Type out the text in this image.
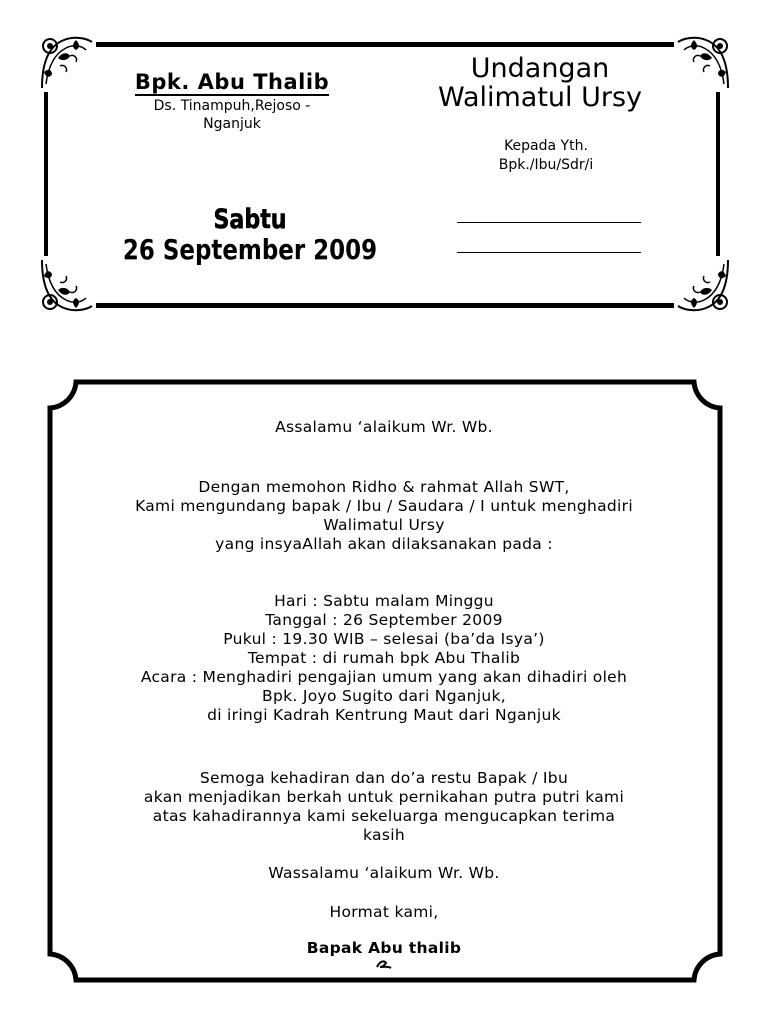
Bpk. Abu Thalib
Ds. Tinampuh,Rejoso -
Nganjuk
Sabtu
26 September 2009
Undangan
Walimatul Ursy
Kepada Yth.
Bpk./Ibu/Sdr/i
Assalamu ‘alaikum Wr. Wb.
Dengan memohon Ridho & rahmat Allah SWT,
Kami mengundang bapak / Ibu / Saudara / I untuk menghadiri
Walimatul Ursy
yang insyaAllah akan dilaksanakan pada :
Hari : Sabtu malam Minggu
Tanggal : 26 September 2009
Pukul : 19.30 WIB – selesai (ba’da Isya’)
Tempat : di rumah bpk Abu Thalib
Acara : Menghadiri pengajian umum yang akan dihadiri oleh
Bpk. Joyo Sugito dari Nganjuk,
di iringi Kadrah Kentrung Maut dari Nganjuk
Semoga kehadiran dan do’a restu Bapak / Ibu
akan menjadikan berkah untuk pernikahan putra putri kami
atas kahadirannya kami sekeluarga mengucapkan terima
kasih
Wassalamu ‘alaikum Wr. Wb.
Hormat kami,
Bapak Abu thalib
